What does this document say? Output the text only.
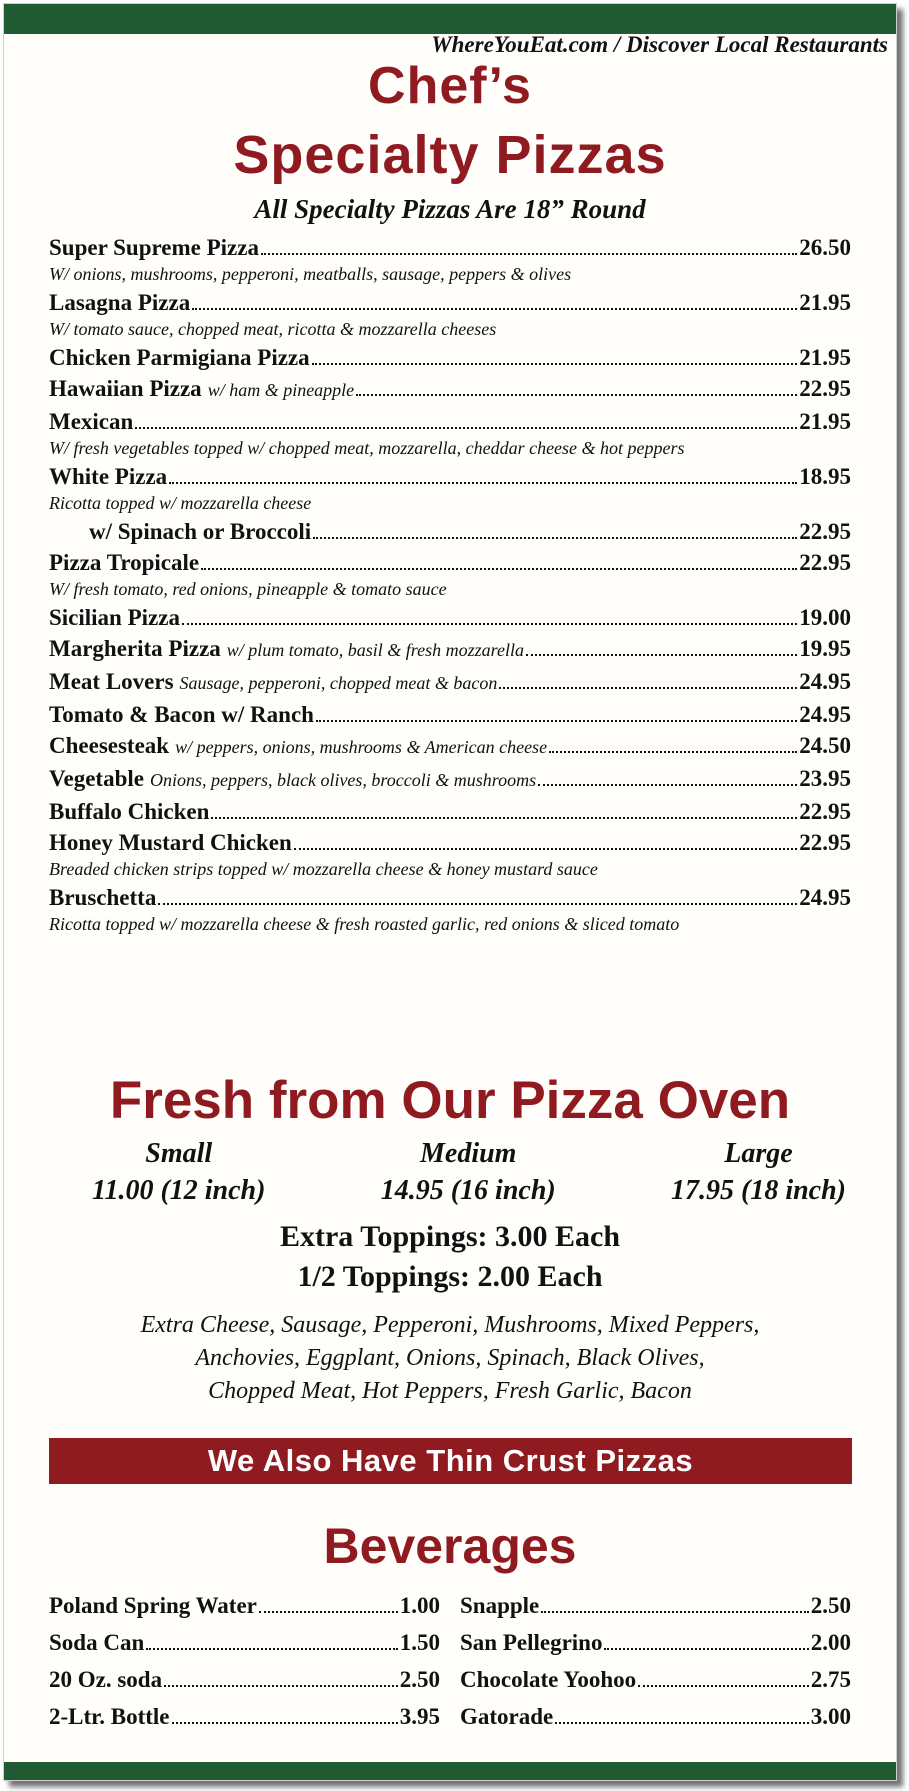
WhereYouEat.com / Discover Local Restaurants
Chef’s
Specialty Pizzas
All Specialty Pizzas Are 18” Round
Super Supreme Pizza	26.50
W/ onions, mushrooms, pepperoni, meatballs, sausage, peppers & olives
Lasagna Pizza	21.95
W/ tomato sauce, chopped meat, ricotta & mozzarella cheeses
Chicken Parmigiana Pizza	21.95
Hawaiian Pizza w/ ham & pineapple	22.95
Mexican	21.95
W/ fresh vegetables topped w/ chopped meat, mozzarella, cheddar cheese & hot peppers
White Pizza	18.95
Ricotta topped w/ mozzarella cheese
w/ Spinach or Broccoli	22.95
Pizza Tropicale	22.95
W/ fresh tomato, red onions, pineapple & tomato sauce
Sicilian Pizza	19.00
Margherita Pizza w/ plum tomato, basil & fresh mozzarella	19.95
Meat Lovers Sausage, pepperoni, chopped meat & bacon	24.95
Tomato & Bacon w/ Ranch	24.95
Cheesesteak w/ peppers, onions, mushrooms & American cheese	24.50
Vegetable Onions, peppers, black olives, broccoli & mushrooms	23.95
Buffalo Chicken	22.95
Honey Mustard Chicken	22.95
Breaded chicken strips topped w/ mozzarella cheese & honey mustard sauce
Bruschetta	24.95
Ricotta topped w/ mozzarella cheese & fresh roasted garlic, red onions & sliced tomato
Fresh from Our Pizza Oven
Small
11.00 (12 inch)
Medium
14.95 (16 inch)
Large
17.95 (18 inch)
Extra Toppings: 3.00 Each
1/2 Toppings: 2.00 Each
Extra Cheese, Sausage, Pepperoni, Mushrooms, Mixed Peppers,
Anchovies, Eggplant, Onions, Spinach, Black Olives,
Chopped Meat, Hot Peppers, Fresh Garlic, Bacon
We Also Have Thin Crust Pizzas
Beverages
Poland Spring Water	1.00
Soda Can	1.50
20 Oz. soda	2.50
2-Ltr. Bottle	3.95
Snapple	2.50
San Pellegrino	2.00
Chocolate Yoohoo	2.75
Gatorade	3.00
